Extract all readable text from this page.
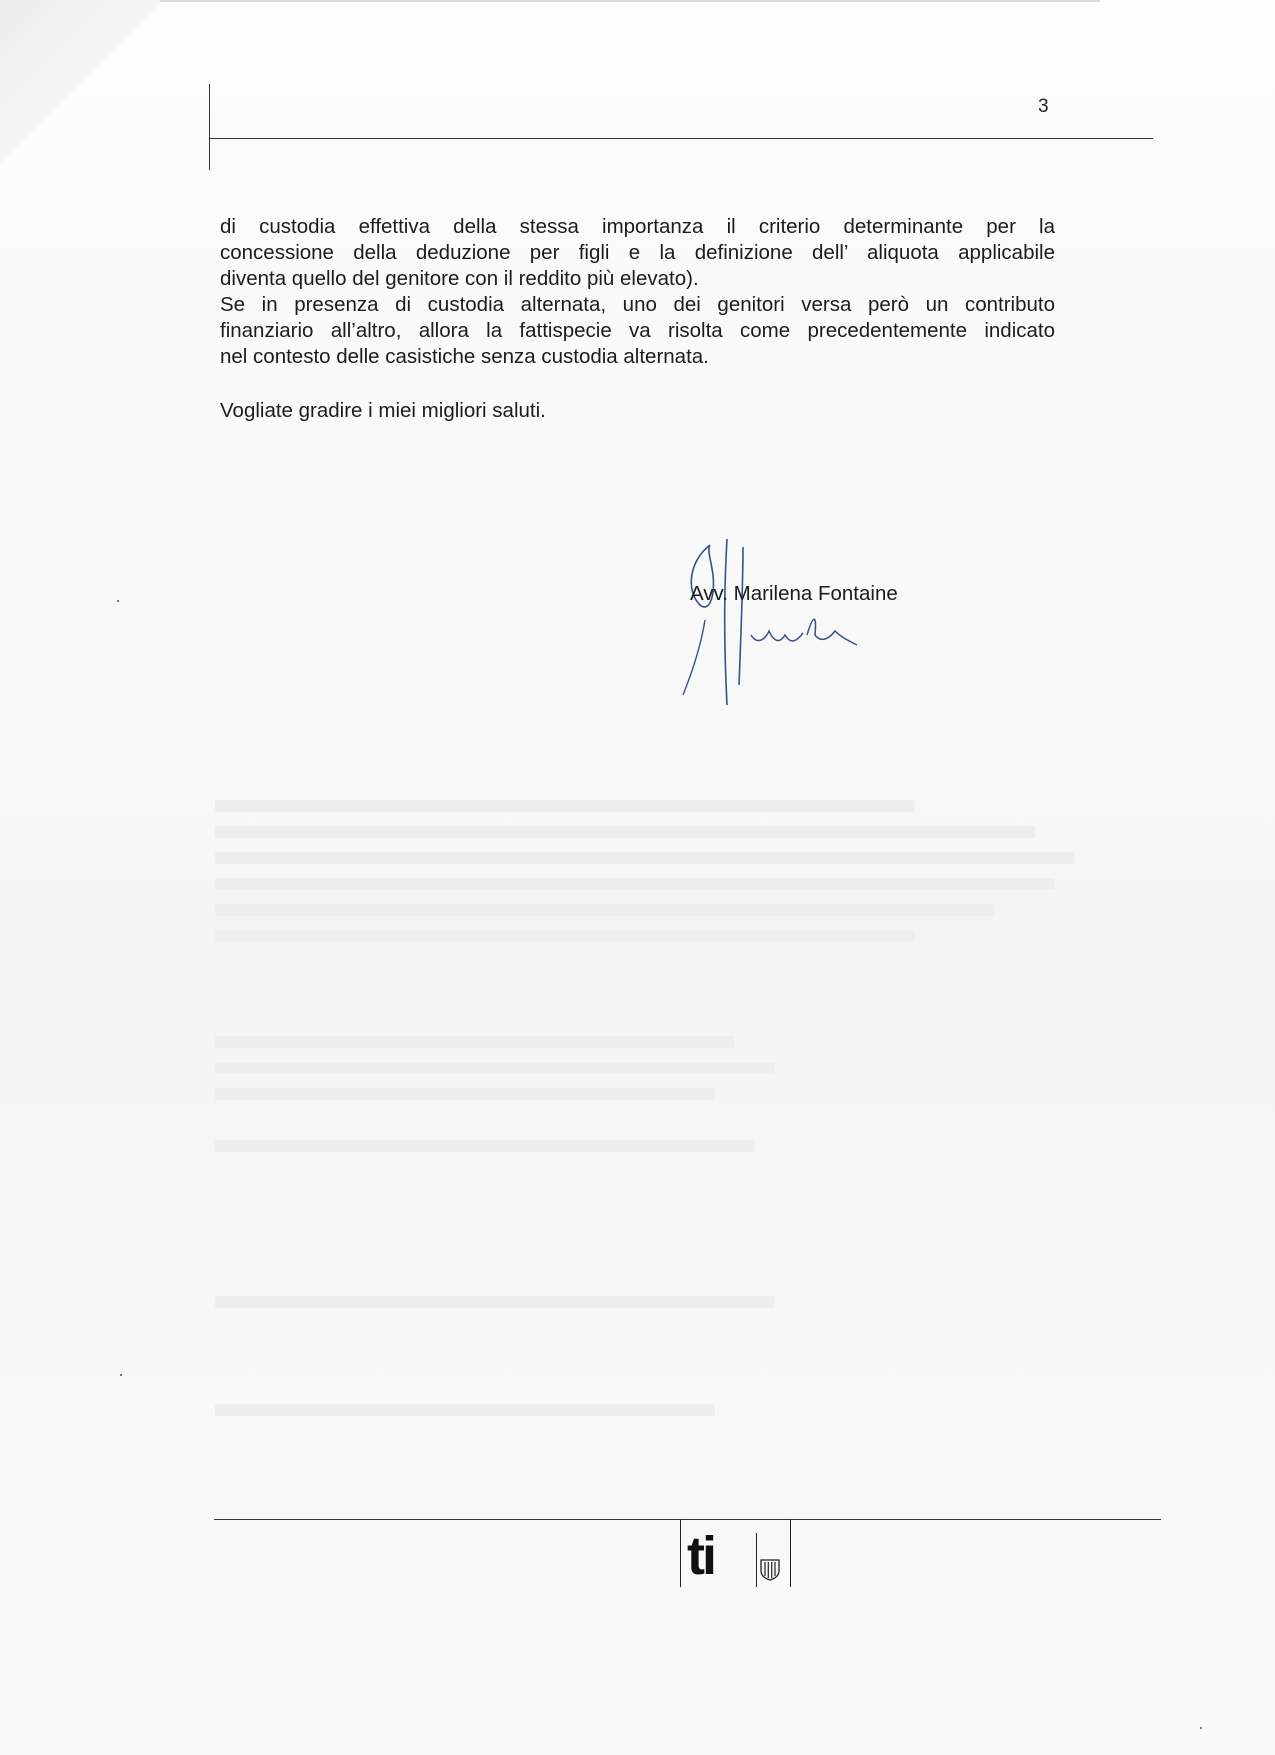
3

di custodia effettiva della stessa importanza il criterio determinante per la

concessione della deduzione per figli e la definizione dell’ aliquota applicabile

diventa quello del genitore con il reddito più elevato).

Se in presenza di custodia alternata, uno dei genitori versa però un contributo

finanziario all’altro, allora la fattispecie va risolta come precedentemente indicato

nel contesto delle casistiche senza custodia alternata.

Vogliate gradire i miei migliori saluti.
Avv. Marilena Fontaine
ti
